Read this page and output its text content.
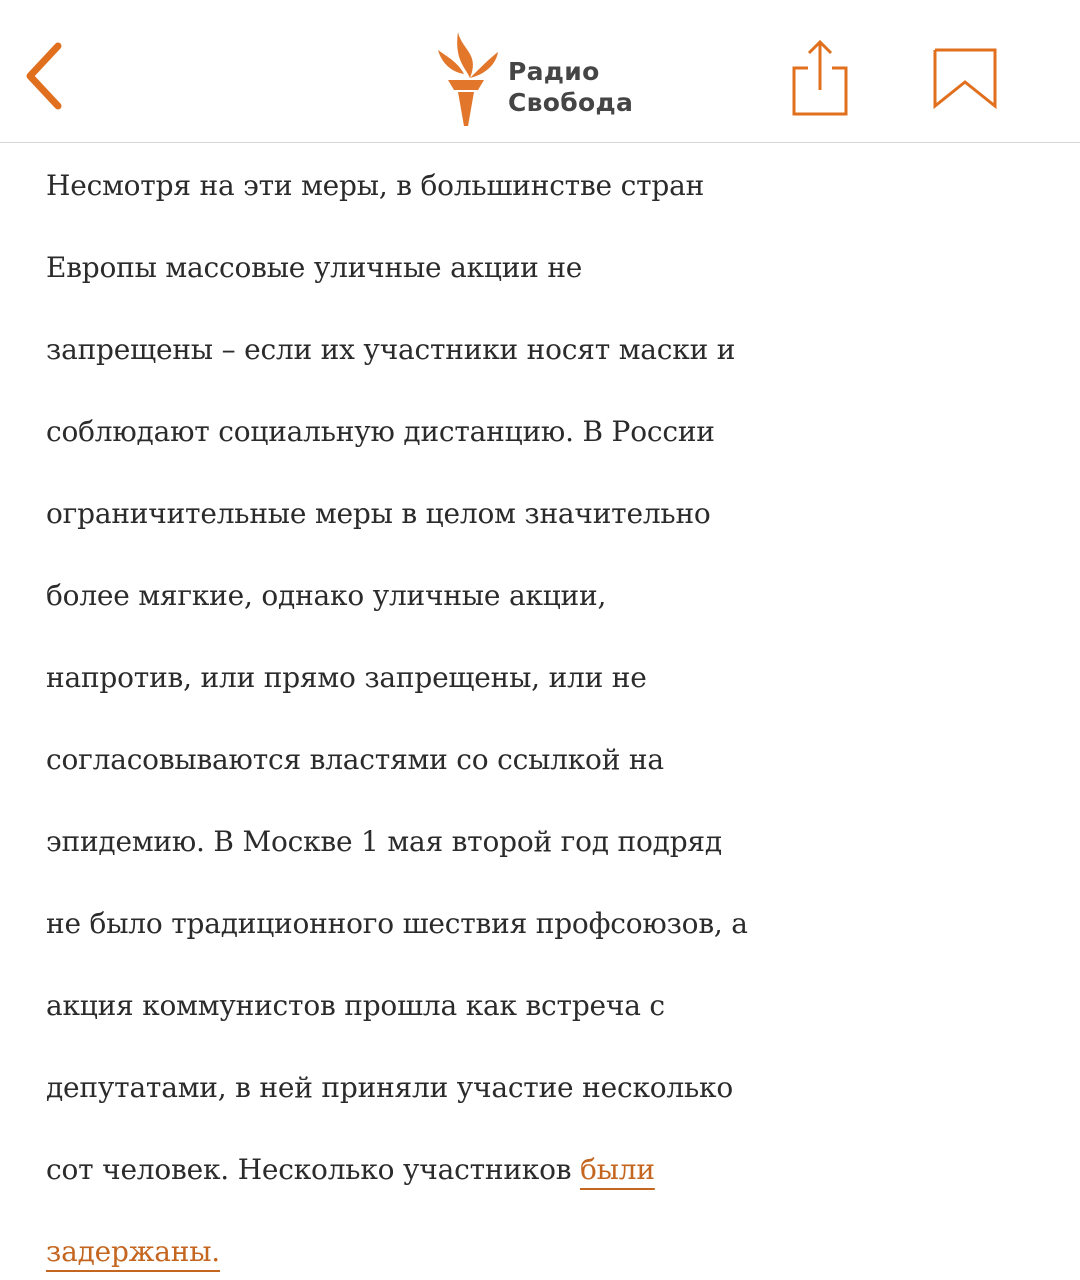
Радио
Свобода
Несмотря на эти меры, в большинстве стран
Европы массовые уличные акции не
запрещены – если их участники носят маски и
соблюдают социальную дистанцию. В России
ограничительные меры в целом значительно
более мягкие, однако уличные акции,
напротив, или прямо запрещены, или не
согласовываются властями со ссылкой на
эпидемию. В Москве 1 мая второй год подряд
не было традиционного шествия профсоюзов, а
акция коммунистов прошла как встреча с
депутатами, в ней приняли участие несколько
сот человек. Несколько участников были
задержаны.
